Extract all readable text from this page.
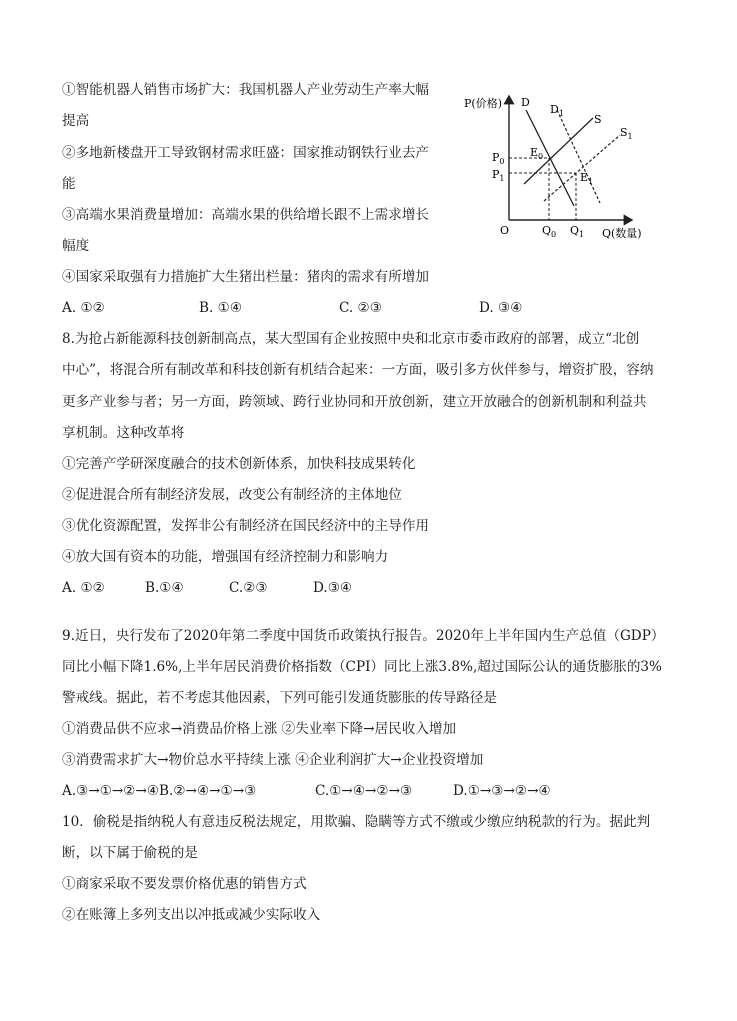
①智能机器人销售市场扩大：我国机器人产业劳动生产率大幅
提高
②多地新楼盘开工导致钢材需求旺盛：国家推动钢铁行业去产
能
③高端水果消费量增加：高端水果的供给增长跟不上需求增长
幅度
④国家采取强有力措施扩大生猪出栏量：猪肉的需求有所增加
A. ①②	B. ①④	C. ②③	D. ③④
P(价格)
Q(数量)
O
D
$D_1$	S
$S_1$
$P_0$
$P_1$
$E_0$
$E_1$
$Q_0$ $Q_1$
8.为抢占新能源科技创新制高点，某大型国有企业按照中央和北京市委市政府的部署，成立“北创
中心”，将混合所有制改革和科技创新有机结合起来：一方面，吸引多方伙伴参与，增资扩股，容纳
更多产业参与者；另一方面，跨领域、跨行业协同和开放创新，建立开放融合的创新机制和利益共
享机制。这种改革将
①完善产学研深度融合的技术创新体系，加快科技成果转化
②促进混合所有制经济发展，改变公有制经济的主体地位
③优化资源配置，发挥非公有制经济在国民经济中的主导作用
④放大国有资本的功能，增强国有经济控制力和影响力
A. ①②	B.①④	C.②③	D.③④
9.近日，央行发布了2020年第二季度中国货币政策执行报告。2020年上半年国内生产总值（GDP）
同比小幅下降1.6%,上半年居民消费价格指数（CPI）同比上涨3.8%,超过国际公认的通货膨胀的3%
警戒线。据此，若不考虑其他因素，下列可能引发通货膨胀的传导路径是
①消费品供不应求→消费品价格上涨 ②失业率下降→居民收入增加
③消费需求扩大→物价总水平持续上涨 ④企业利润扩大→企业投资增加
A.③→①→②→④B.②→④→①→③	C.①→④→②→③	D.①→③→②→④
10．偷税是指纳税人有意违反税法规定，用欺骗、隐瞒等方式不缴或少缴应纳税款的行为。据此判
断，以下属于偷税的是
①商家采取不要发票价格优惠的销售方式
②在账簿上多列支出以冲抵或减少实际收入
